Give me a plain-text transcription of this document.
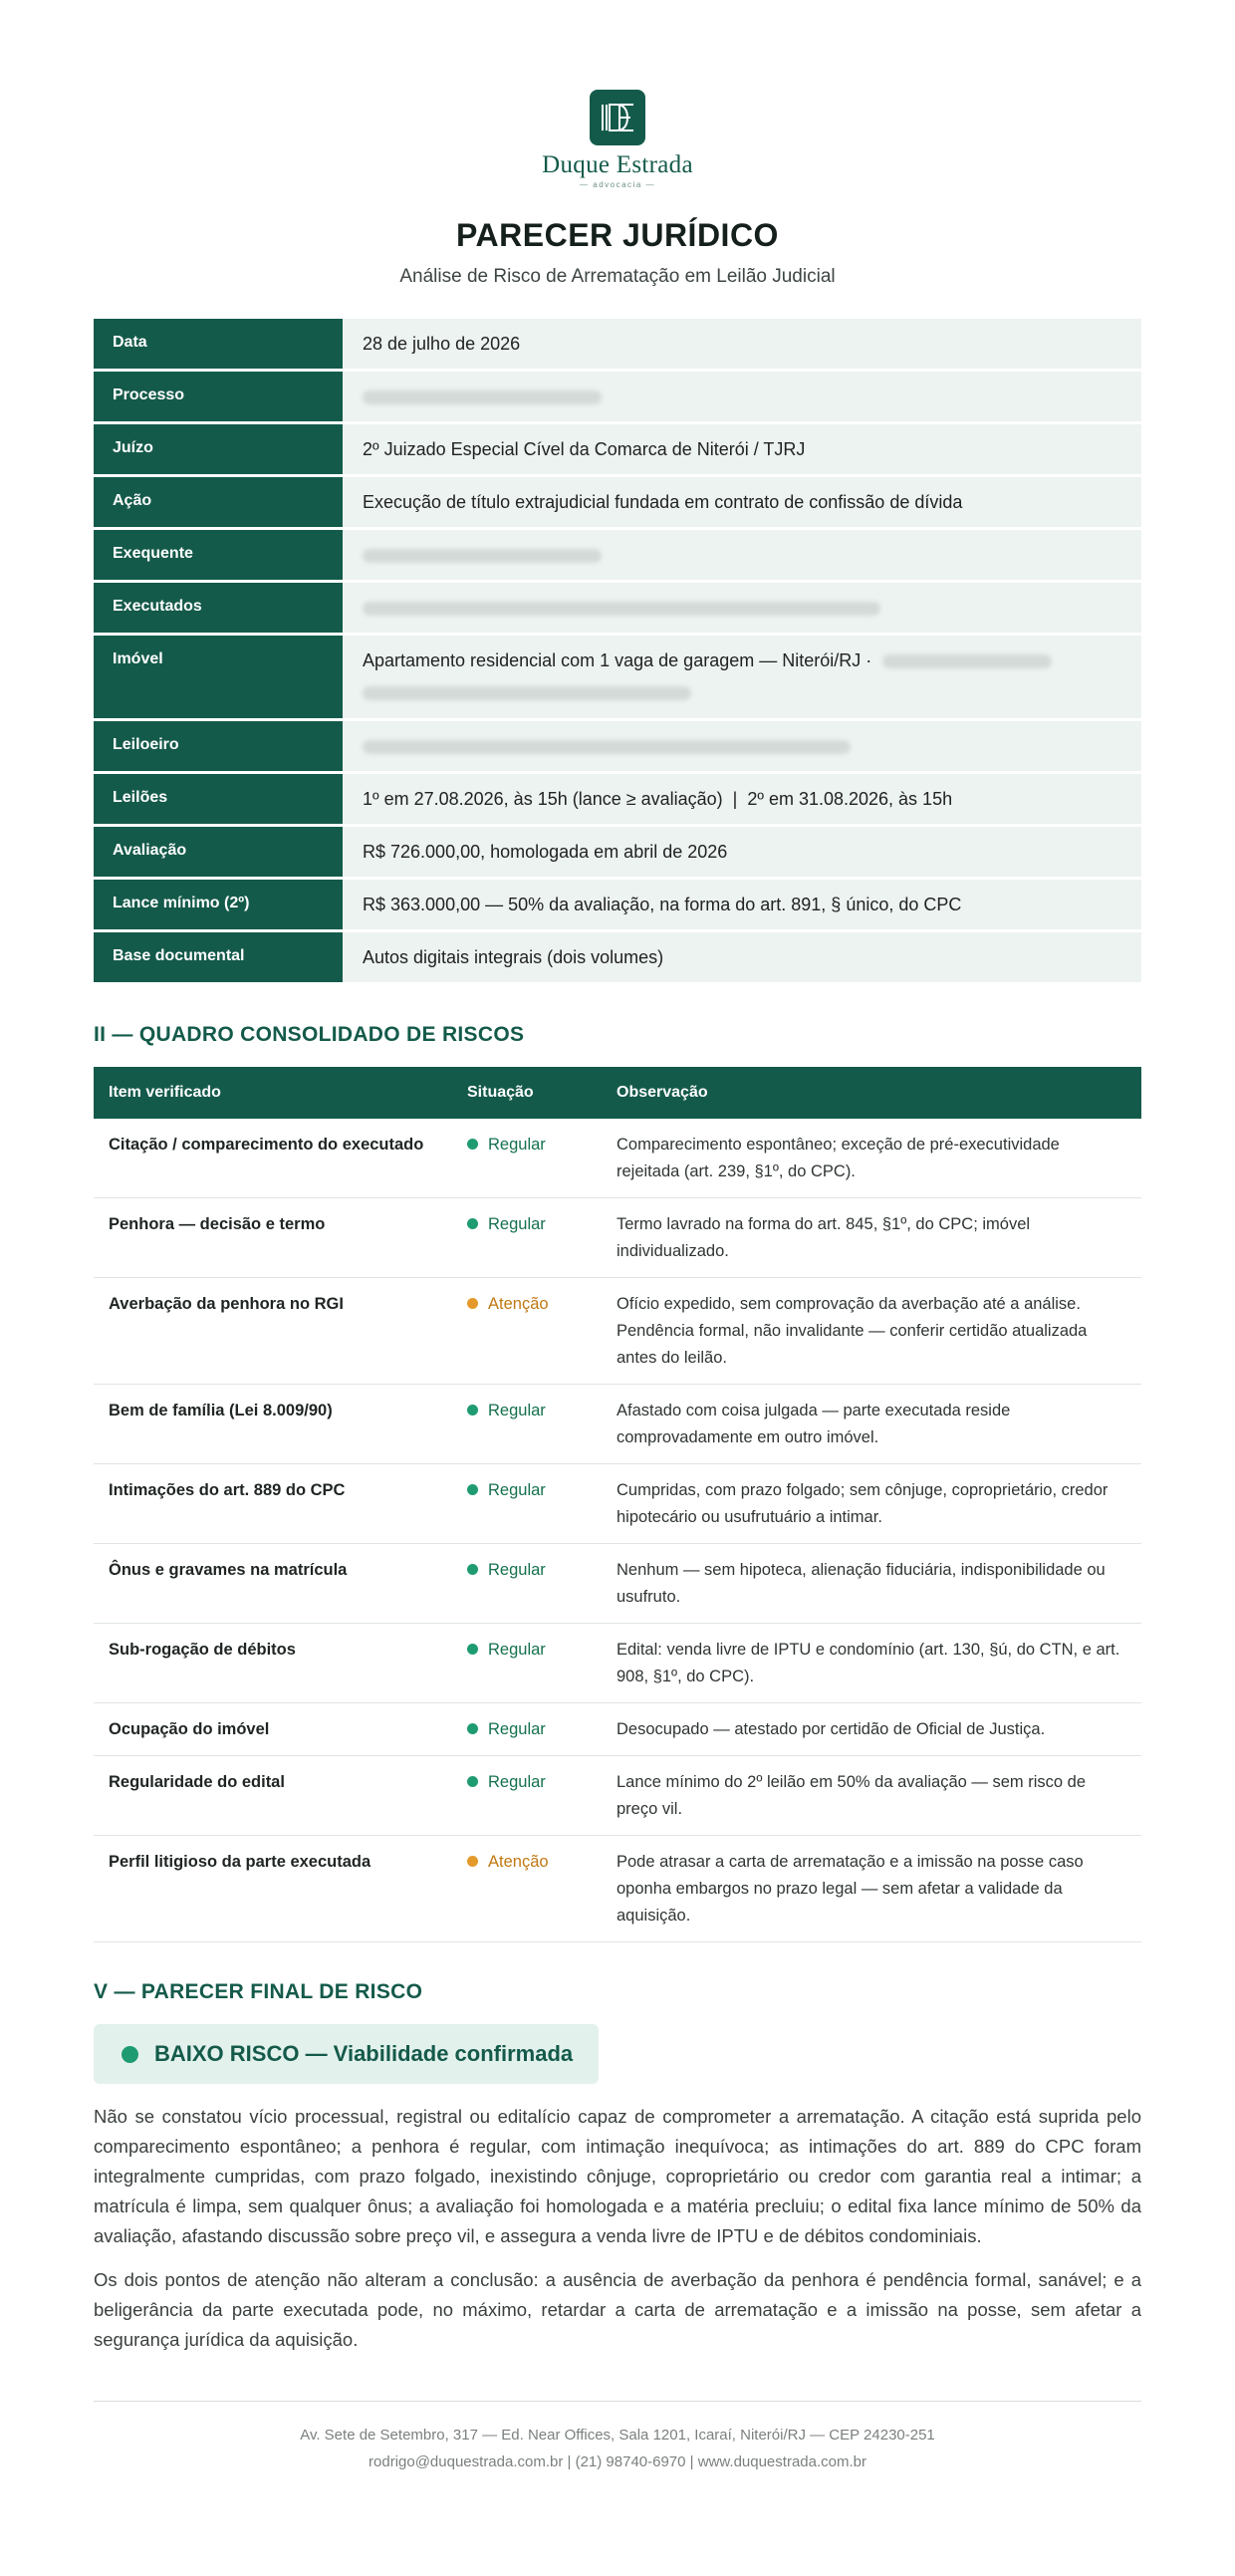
Duque Estrada
— advocacia —
PARECER JURÍDICO
Análise de Risco de Arrematação em Leilão Judicial
Data	28 de julho de 2026
Processo	
Juízo	2º Juizado Especial Cível da Comarca de Niterói / TJRJ
Ação	Execução de título extrajudicial fundada em contrato de confissão de dívida
Exequente	
Executados	
Imóvel	Apartamento residencial com 1 vaga de garagem — Niterói/RJ ·

Leiloeiro	
Leilões	1º em 27.08.2026, às 15h (lance ≥ avaliação)  |  2º em 31.08.2026, às 15h
Avaliação	R$ 726.000,00, homologada em abril de 2026
Lance mínimo (2º)	R$ 363.000,00 — 50% da avaliação, na forma do art. 891, § único, do CPC
Base documental	Autos digitais integrais (dois volumes)
II — QUADRO CONSOLIDADO DE RISCOS
Item verificado	Situação	Observação
Citação / comparecimento do executado	Regular	Comparecimento espontâneo; exceção de pré-executividade rejeitada (art. 239, §1º, do CPC).
Penhora — decisão e termo	Regular	Termo lavrado na forma do art. 845, §1º, do CPC; imóvel individualizado.
Averbação da penhora no RGI	Atenção	Ofício expedido, sem comprovação da averbação até a análise. Pendência formal, não invalidante — conferir certidão atualizada antes do leilão.
Bem de família (Lei 8.009/90)	Regular	Afastado com coisa julgada — parte executada reside comprovadamente em outro imóvel.
Intimações do art. 889 do CPC	Regular	Cumpridas, com prazo folgado; sem cônjuge, coproprietário, credor hipotecário ou usufrutuário a intimar.
Ônus e gravames na matrícula	Regular	Nenhum — sem hipoteca, alienação fiduciária, indisponibilidade ou usufruto.
Sub-rogação de débitos	Regular	Edital: venda livre de IPTU e condomínio (art. 130, §ú, do CTN, e art. 908, §1º, do CPC).
Ocupação do imóvel	Regular	Desocupado — atestado por certidão de Oficial de Justiça.
Regularidade do edital	Regular	Lance mínimo do 2º leilão em 50% da avaliação — sem risco de preço vil.
Perfil litigioso da parte executada	Atenção	Pode atrasar a carta de arrematação e a imissão na posse caso oponha embargos no prazo legal — sem afetar a validade da aquisição.
V — PARECER FINAL DE RISCO
BAIXO RISCO — Viabilidade confirmada

Não se constatou vício processual, registral ou editalício capaz de comprometer a arrematação. A citação está suprida pelo comparecimento espontâneo; a penhora é regular, com intimação inequívoca; as intimações do art. 889 do CPC foram integralmente cumpridas, com prazo folgado, inexistindo cônjuge, coproprietário ou credor com garantia real a intimar; a matrícula é limpa, sem qualquer ônus; a avaliação foi homologada e a matéria precluiu; o edital fixa lance mínimo de 50% da avaliação, afastando discussão sobre preço vil, e assegura a venda livre de IPTU e de débitos condominiais.

Os dois pontos de atenção não alteram a conclusão: a ausência de averbação da penhora é pendência formal, sanável; e a beligerância da parte executada pode, no máximo, retardar a carta de arrematação e a imissão na posse, sem afetar a segurança jurídica da aquisição.

Av. Sete de Setembro, 317 — Ed. Near Offices, Sala 1201, Icaraí, Niterói/RJ — CEP 24230-251
rodrigo@duquestrada.com.br | (21) 98740-6970 | www.duquestrada.com.br
